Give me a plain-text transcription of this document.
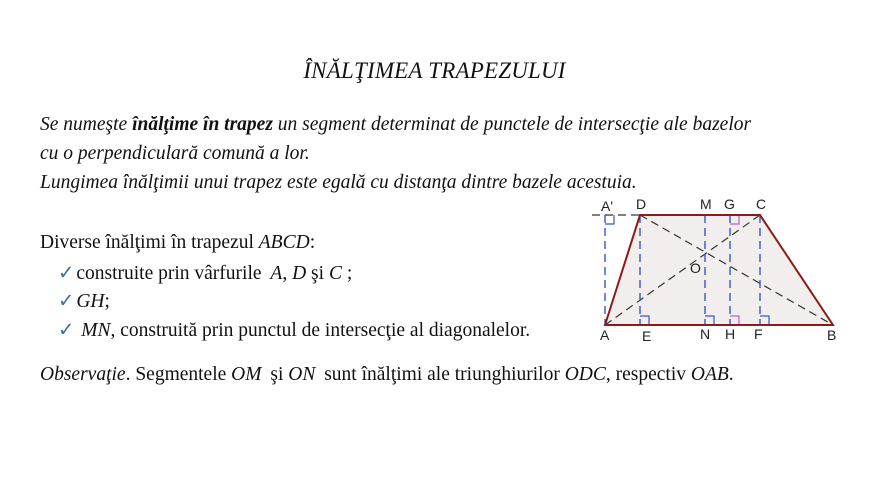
ÎNĂLŢIMEA TRAPEZULUI
Se numeşte înălţime în trapez un segment determinat de punctele de intersecţie ale bazelor
cu o perpendiculară comună a lor.
Lungimea înălţimii unui trapez este egală cu distanţa dintre bazele acestuia.
Diverse înălţimi în trapezul ABCD:
✓ construite prin vârfurile A, D şi C ;
✓ GH;
✓ MN, construită prin punctul de intersecţie al diagonalelor.
Observaţie. Segmentele OM şi ON sunt înălţimi ale triunghiurilor ODC, respectiv OAB.
A' D	M G C
O
A E	N H F	B
